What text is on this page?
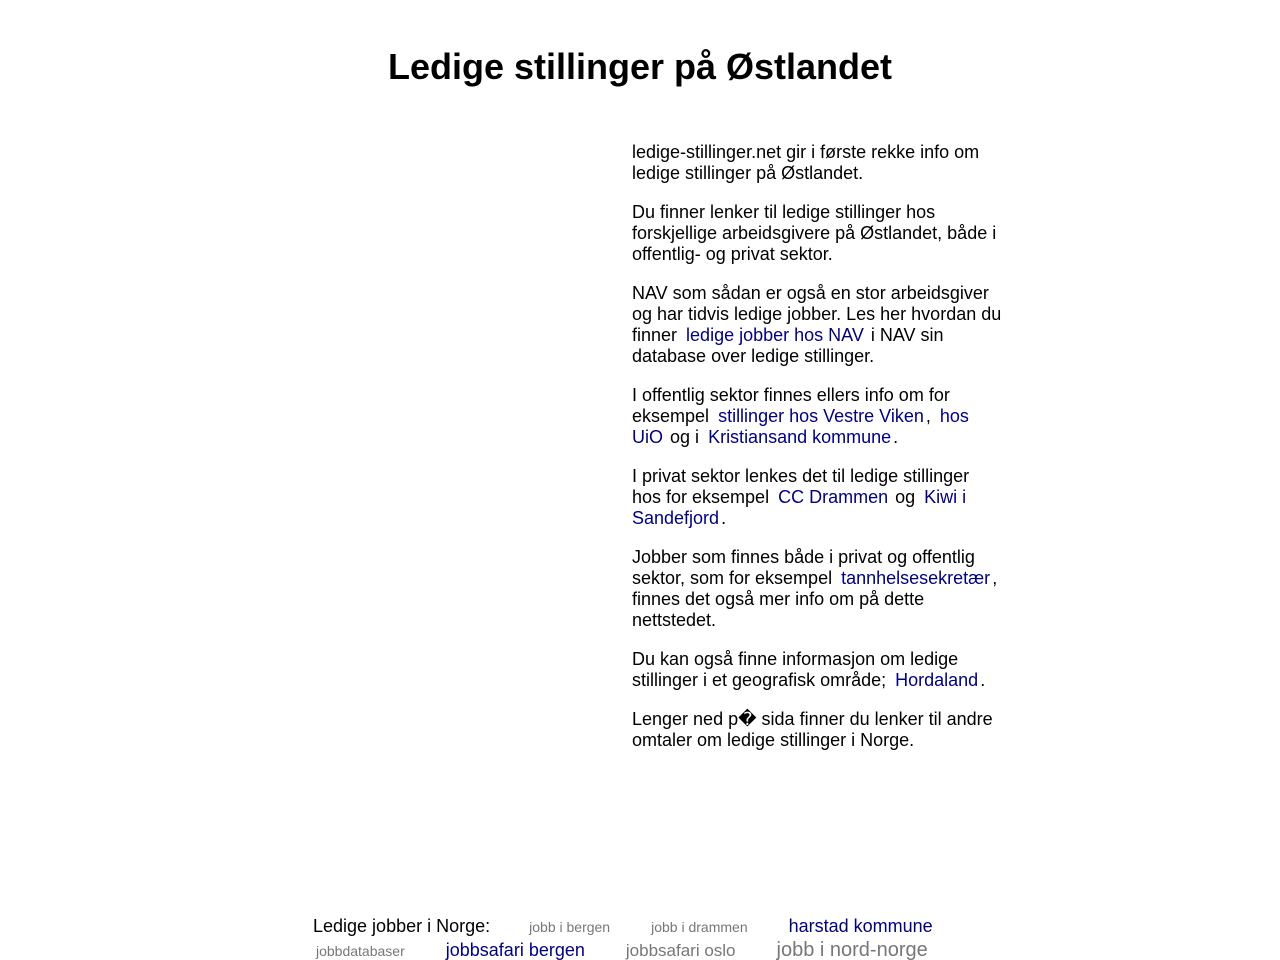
Ledige stillinger på Østlandet

ledige-stillinger.net gir i første rekke info om ledige stillinger på Østlandet.

Du finner lenker til ledige stillinger hos forskjellige arbeidsgivere på Østlandet, både i offentlig- og privat sektor.

NAV som sådan er også en stor arbeidsgiver og har tidvis ledige jobber. Les her hvordan du finner ledige jobber hos NAV i NAV sin database over ledige stillinger.

I offentlig sektor finnes ellers info om for eksempel stillinger hos Vestre Viken , hos UiO og i Kristiansand kommune .

I privat sektor lenkes det til ledige stillinger hos for eksempel CC Drammen og Kiwi i Sandefjord .

Jobber som finnes både i privat og offentlig sektor, som for eksempel tannhelsesekretær , finnes det også mer info om på dette nettstedet.

Du kan også finne informasjon om ledige stillinger i et geografisk område; Hordaland .

Lenger ned p� sida finner du lenker til andre omtaler om ledige stillinger i Norge.

Ledige jobber i Norge:	jobb i bergen	jobb i drammen harstad kommune
jobbdatabaser jobbsafari bergen jobbsafari oslo jobb i nord-norge
